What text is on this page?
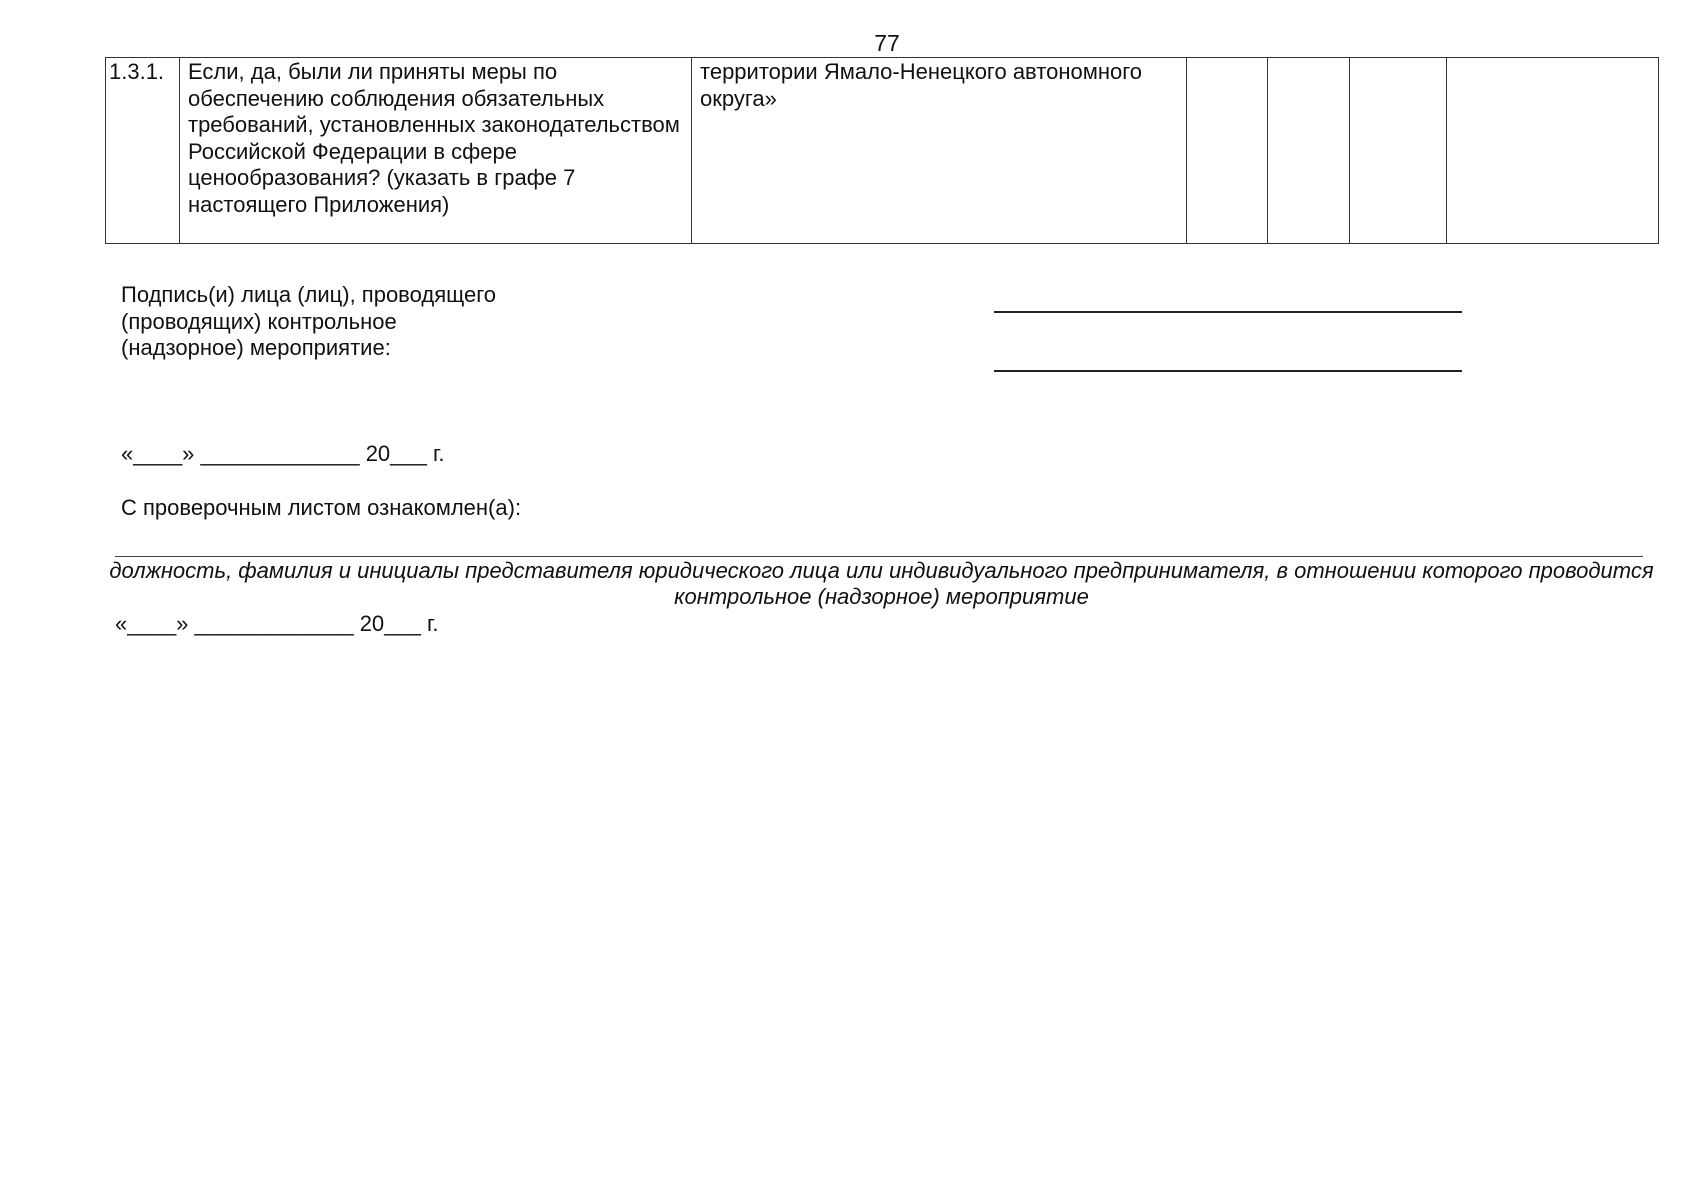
77
1.3.1.	Если, да, были ли приняты меры по обеспечению соблюдения обязательных требований, установленных законодательством Российской Федерации в сфере ценообразования? (указать в графе 7 настоящего Приложения)	территории Ямало-Ненецкого автономного округа»				
Подпись(и) лица (лиц), проводящего
(проводящих) контрольное
(надзорное) мероприятие:
«____» _____________ 20___ г.
С проверочным листом ознакомлен(а):
должность, фамилия и инициалы представителя юридического лица или индивидуального предпринимателя, в отношении которого проводится контрольное (надзорное) мероприятие
«____» _____________ 20___ г.
